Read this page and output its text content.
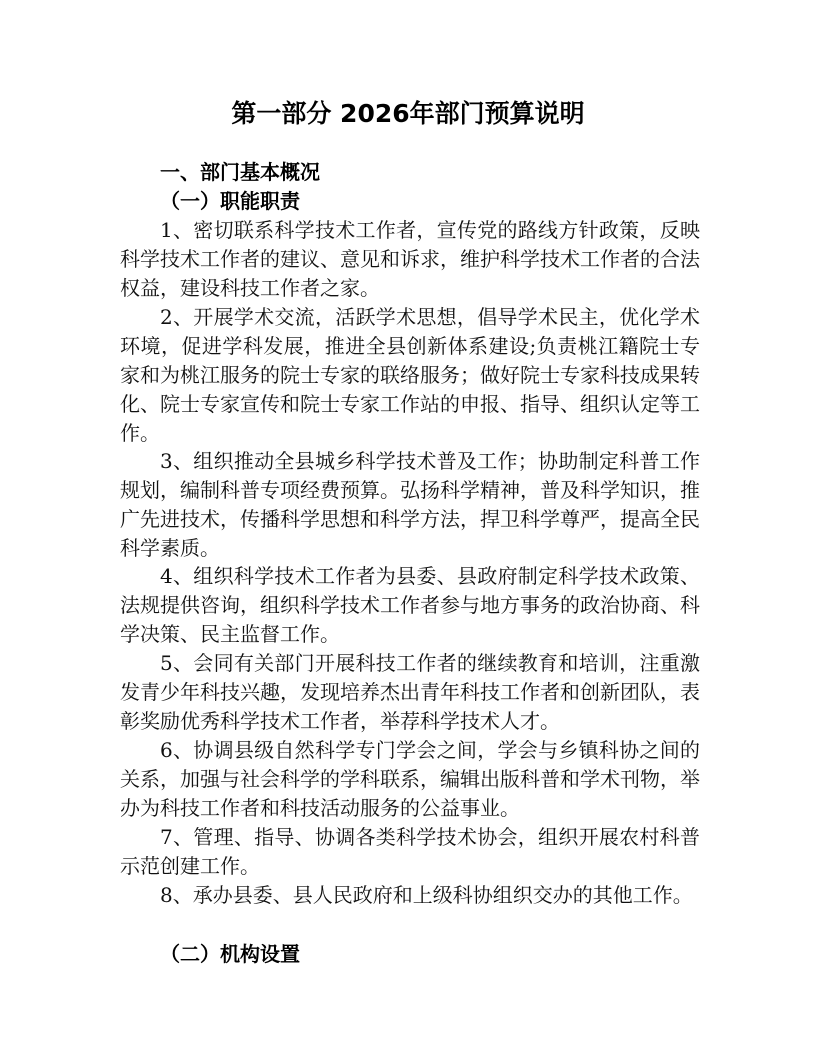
第一部分 2026年部门预算说明
一、部门基本概况
（一）职能职责

1、密切联系科学技术工作者，宣传党的路线方针政策，反映科学技术工作者的建议、意见和诉求，维护科学技术工作者的合法权益，建设科技工作者之家。

2、开展学术交流，活跃学术思想，倡导学术民主，优化学术环境，促进学科发展，推进全县创新体系建设;负责桃江籍院士专家和为桃江服务的院士专家的联络服务；做好院士专家科技成果转化、院士专家宣传和院士专家工作站的申报、指导、组织认定等工作。

3、组织推动全县城乡科学技术普及工作；协助制定科普工作规划，编制科普专项经费预算。弘扬科学精神，普及科学知识，推广先进技术，传播科学思想和科学方法，捍卫科学尊严，提高全民科学素质。

4、组织科学技术工作者为县委、县政府制定科学技术政策、法规提供咨询，组织科学技术工作者参与地方事务的政治协商、科学决策、民主监督工作。

5、会同有关部门开展科技工作者的继续教育和培训，注重激发青少年科技兴趣，发现培养杰出青年科技工作者和创新团队，表彰奖励优秀科学技术工作者，举荐科学技术人才。

6、协调县级自然科学专门学会之间，学会与乡镇科协之间的关系，加强与社会科学的学科联系，编辑出版科普和学术刊物，举办为科技工作者和科技活动服务的公益事业。

7、管理、指导、协调各类科学技术协会，组织开展农村科普示范创建工作。

8、承办县委、县人民政府和上级科协组织交办的其他工作。

（二）机构设置
